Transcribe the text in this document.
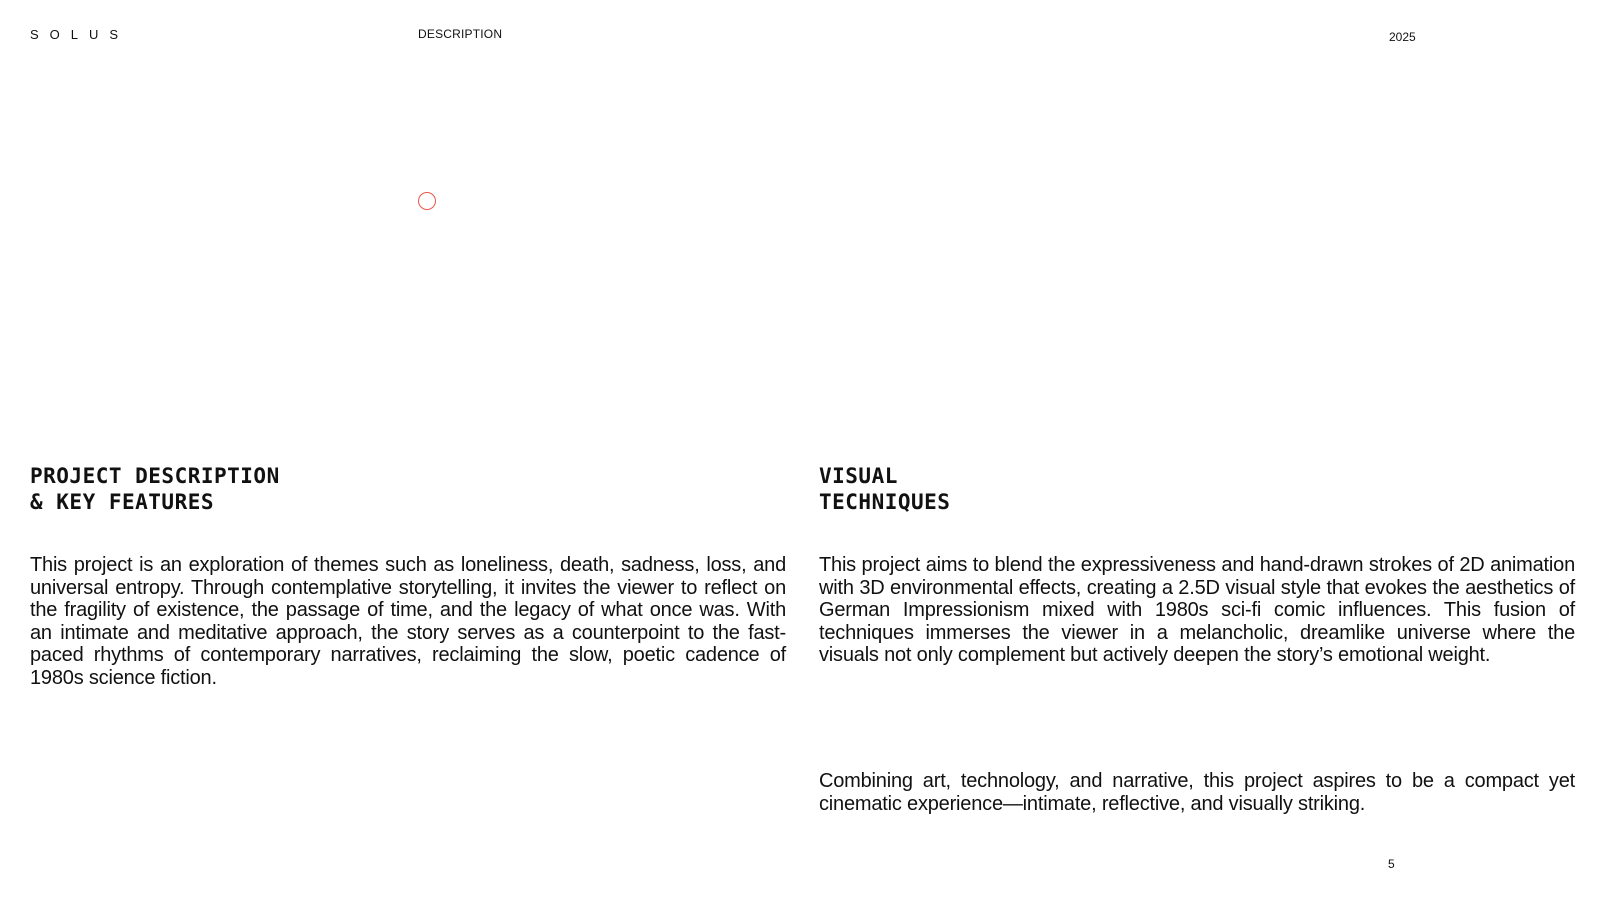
SOLUS	DESCRIPTION	2025
PROJECT DESCRIPTION
& KEY FEATURES
VISUAL
TECHNIQUES

This project is an exploration of themes such as loneliness, death, sadness, loss, and universal entropy. Through contemplative storytelling, it invites the viewer to reflect on the fragility of existence, the passage of time, and the legacy of what once was. With an intimate and meditative approach, the story serves as a counterpoint to the fast-paced rhythms of contemporary narratives, reclaiming the slow, poetic cadence of 1980s science fiction.

This project aims to blend the expressiveness and hand-drawn strokes of 2D animation with 3D environmental effects, creating a 2.5D visual style that evokes the aesthetics of German Impressionism mixed with 1980s sci-fi comic influences. This fusion of techniques immerses the viewer in a melancholic, dreamlike universe where the visuals not only complement but actively deepen the story’s emotional weight.

Combining art, technology, and narrative, this project aspires to be a compact yet cinematic experience—intimate, reflective, and visually striking.

5
